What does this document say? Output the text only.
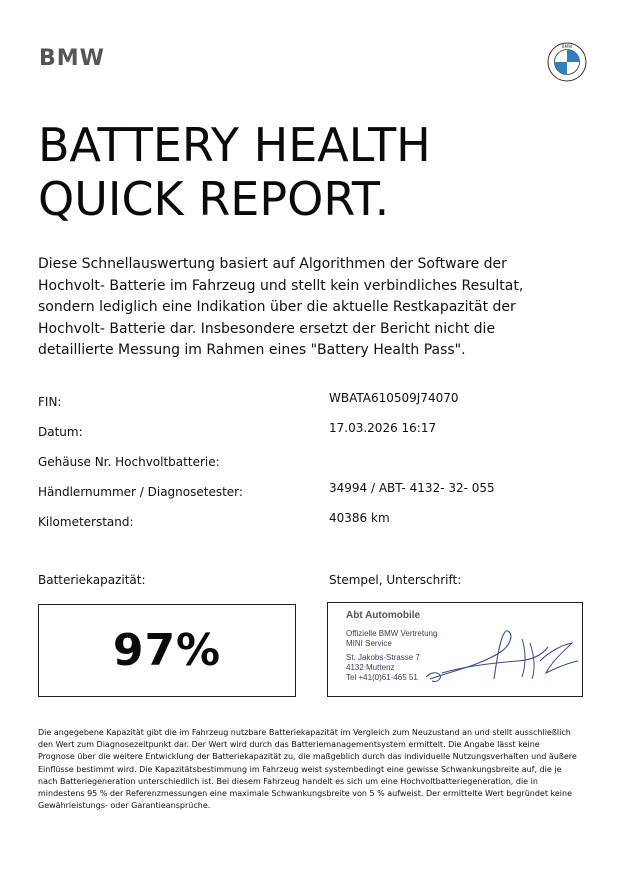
BMW	BMW
BATTERY HEALTH
QUICK REPORT.

Diese Schnellauswertung basiert auf Algorithmen der Software der Hochvolt- Batterie im Fahrzeug und stellt kein verbindliches Resultat, sondern lediglich eine Indikation über die aktuelle Restkapazität der Hochvolt- Batterie dar. Insbesondere ersetzt der Bericht nicht die detaillierte Messung im Rahmen eines "Battery Health Pass".

FIN:	WBATA610509J74070
Datum:	17.03.2026 16:17
Gehäuse Nr. Hochvoltbatterie:
Händlernummer / Diagnosetester:	34994 / ABT- 4132- 32- 055
Kilometerstand:	40386 km
Batteriekapazität:	Stempel, Unterschrift:
97%
Abt Automobile
Offizielle BMW Vertretung
MINI Service
St. Jakobs-Strasse 7
4132 Muttenz
Tel +41(0)61-465 51

Die angegebene Kapazität gibt die im Fahrzeug nutzbare Batteriekapazität im Vergleich zum Neuzustand an und stellt ausschließlich den Wert zum Diagnosezeitpunkt dar. Der Wert wird durch das Batteriemanagementsystem ermittelt. Die Angabe lässt keine Prognose über die weitere Entwicklung der Batteriekapazität zu, die maßgeblich durch das individuelle Nutzungsverhalten und äußere Einflüsse bestimmt wird. Die Kapazitätsbestimmung im Fahrzeug weist systembedingt eine gewisse Schwankungsbreite auf, die je nach Batteriegeneration unterschiedlich ist. Bei diesem Fahrzeug handelt es sich um eine Hochvoltbatteriegeneration, die in mindestens 95 % der Referenzmessungen eine maximale Schwankungsbreite von 5 % aufweist. Der ermittelte Wert begründet keine Gewährleistungs- oder Garantieansprüche.
